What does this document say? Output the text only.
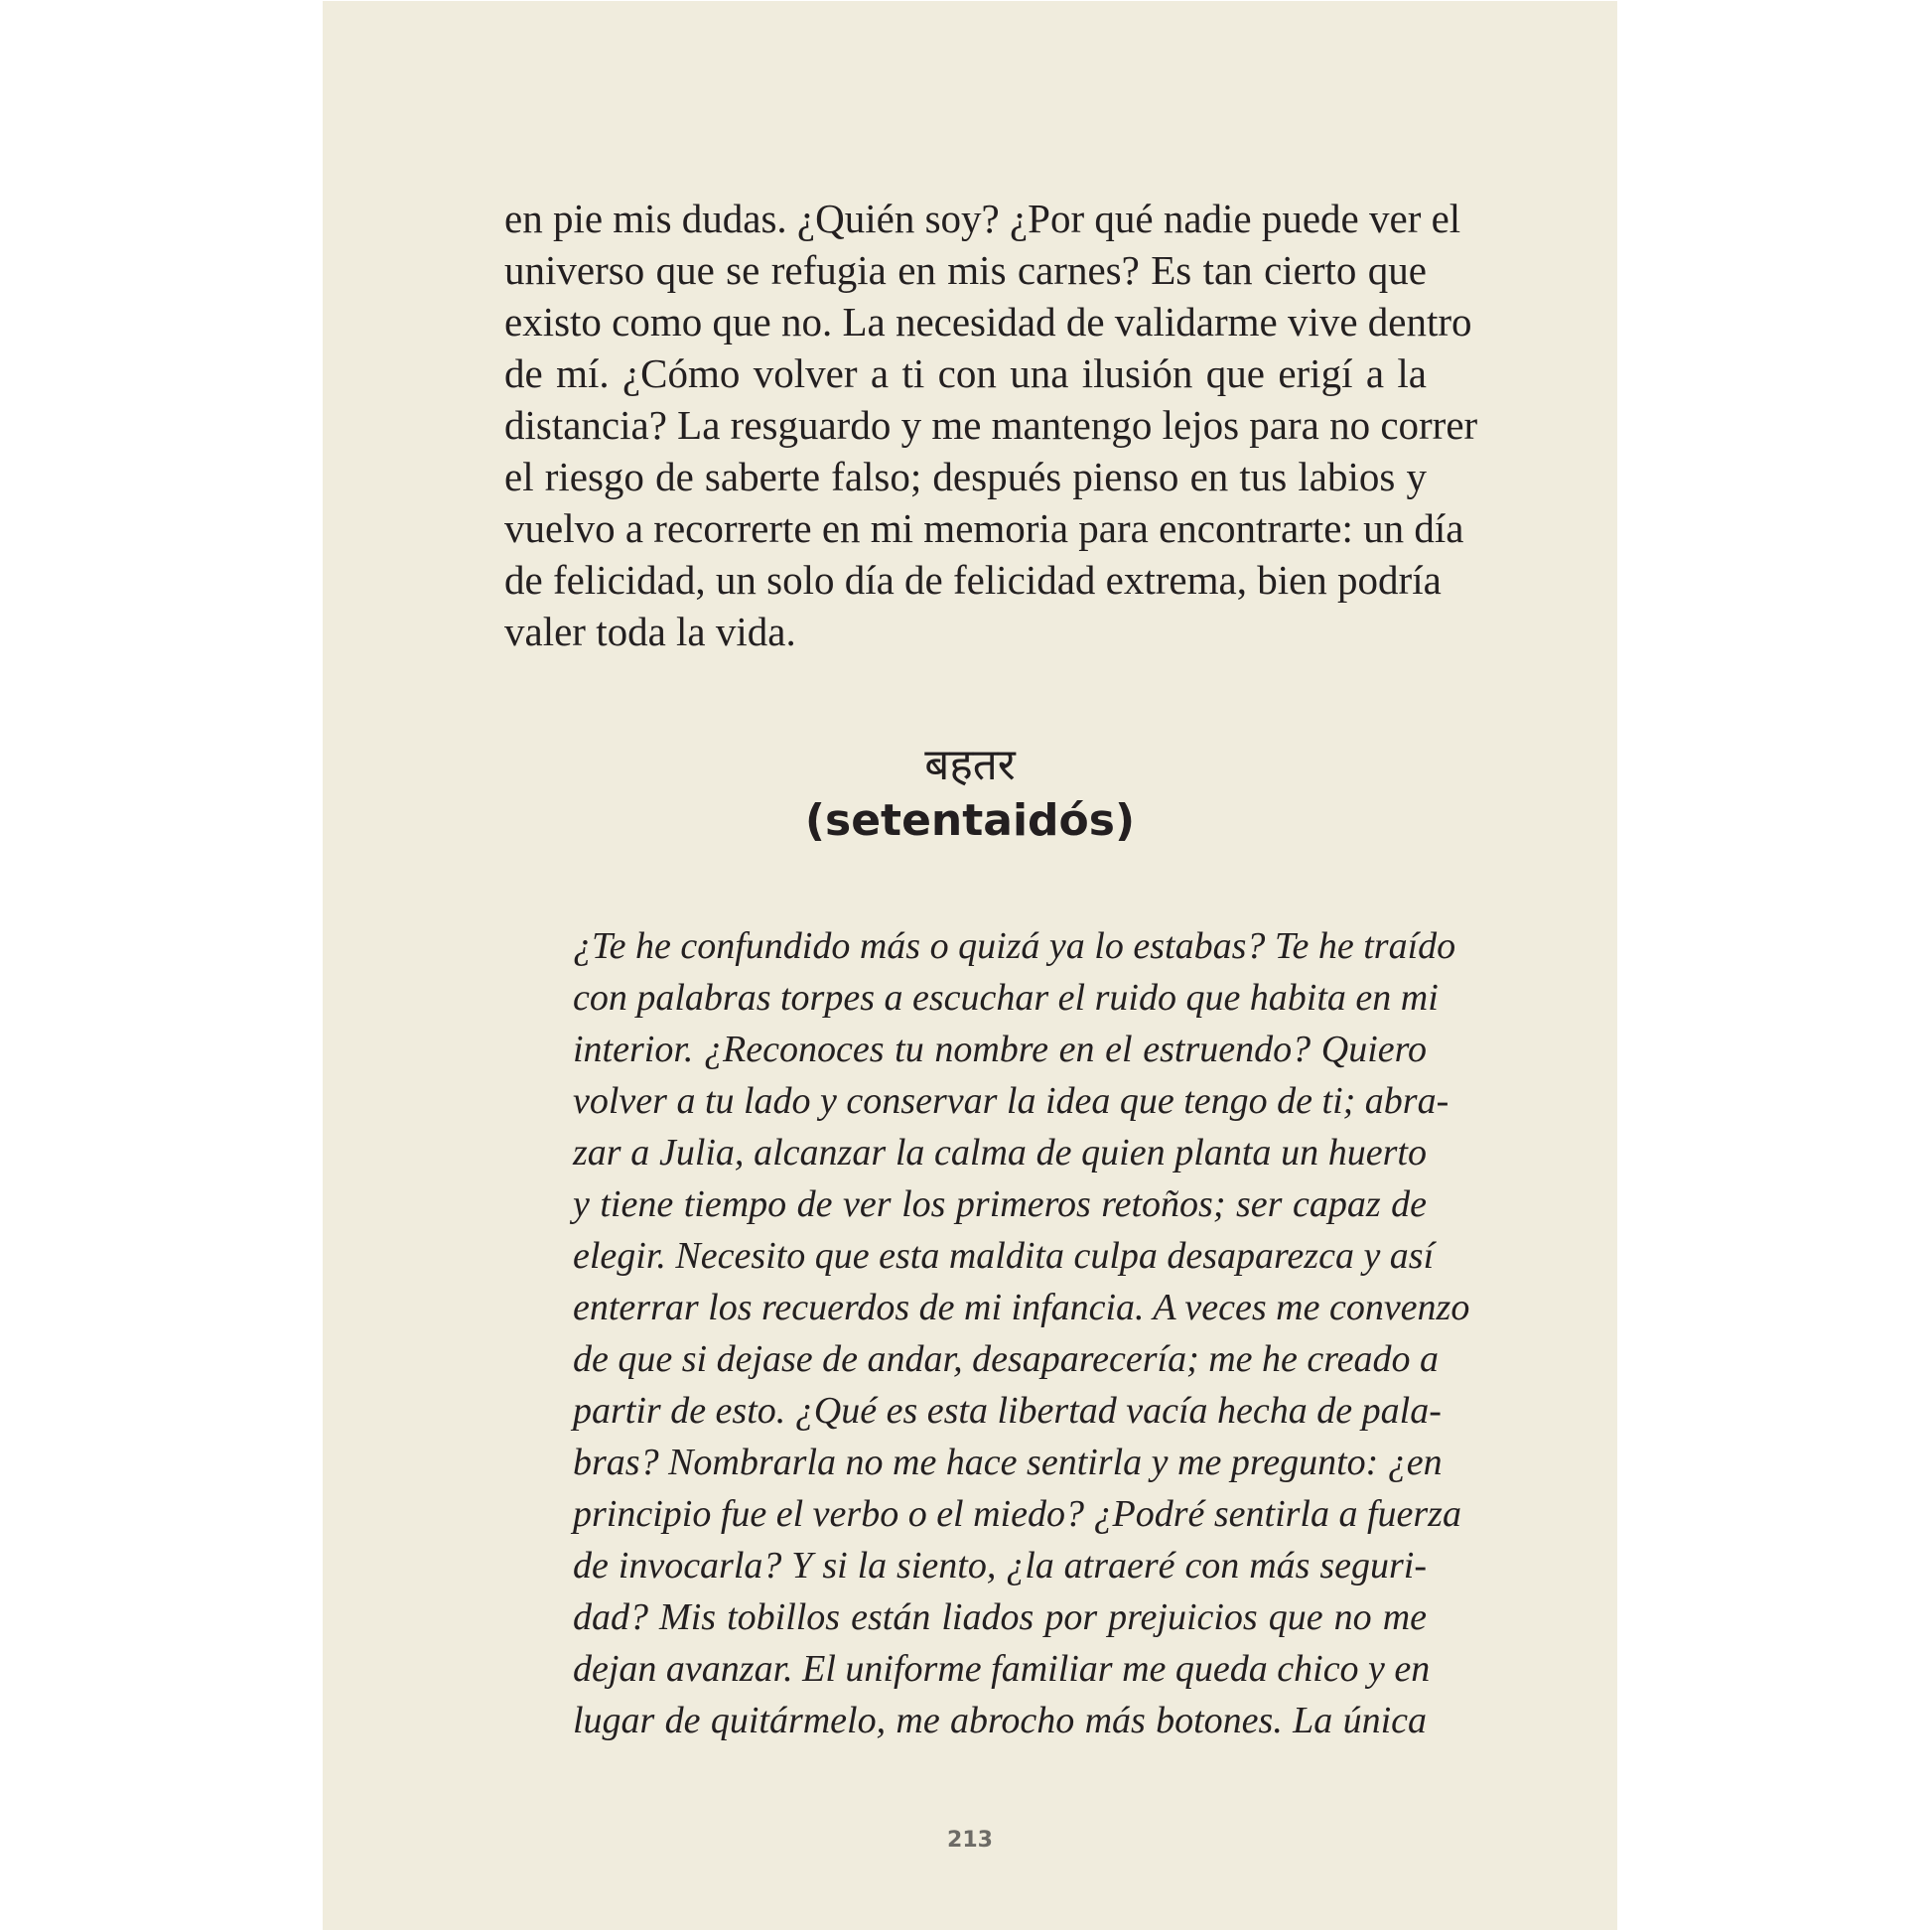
en pie mis dudas. ¿Quién soy? ¿Por qué nadie puede ver el
universo que se refugia en mis carnes? Es tan cierto que
existo como que no. La necesidad de validarme vive dentro
de mí. ¿Cómo volver a ti con una ilusión que erigí a la
distancia? La resguardo y me mantengo lejos para no correr
el riesgo de saberte falso; después pienso en tus labios y
vuelvo a recorrerte en mi memoria para encontrarte: un día
de felicidad, un solo día de felicidad extrema, bien podría
valer toda la vida.
बहतर
(setentaidós)
¿Te he confundido más o quizá ya lo estabas? Te he traído
con palabras torpes a escuchar el ruido que habita en mi
interior. ¿Reconoces tu nombre en el estruendo? Quiero
volver a tu lado y conservar la idea que tengo de ti; abra-
zar a Julia, alcanzar la calma de quien planta un huerto
y tiene tiempo de ver los primeros retoños; ser capaz de
elegir. Necesito que esta maldita culpa desaparezca y así
enterrar los recuerdos de mi infancia. A veces me convenzo
de que si dejase de andar, desaparecería; me he creado a
partir de esto. ¿Qué es esta libertad vacía hecha de pala-
bras? Nombrarla no me hace sentirla y me pregunto: ¿en
principio fue el verbo o el miedo? ¿Podré sentirla a fuerza
de invocarla? Y si la siento, ¿la atraeré con más seguri-
dad? Mis tobillos están liados por prejuicios que no me
dejan avanzar. El uniforme familiar me queda chico y en
lugar de quitármelo, me abrocho más botones. La única
213
